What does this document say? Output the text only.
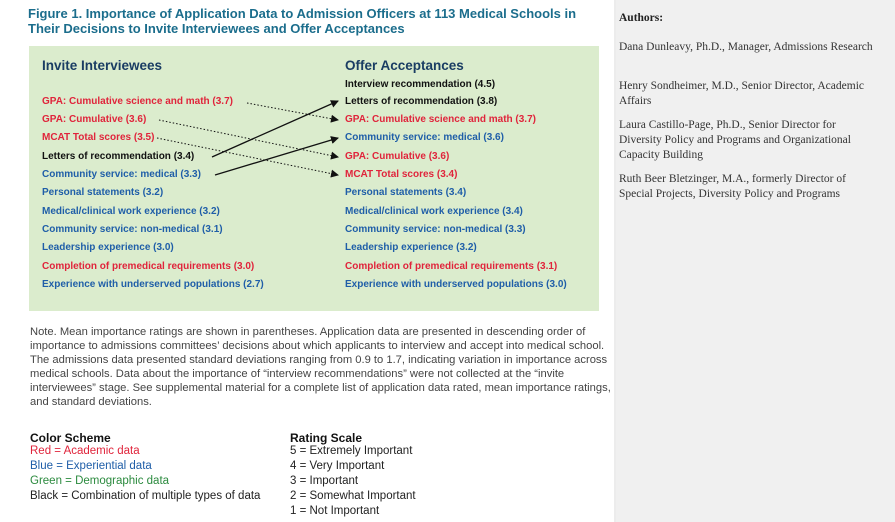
Figure 1. Importance of Application Data to Admission Officers at 113 Medical Schools in Their Decisions to Invite Interviewees and Offer Acceptances
Invite Interviewees	Offer Acceptances
GPA: Cumulative science and math (3.7)
GPA: Cumulative (3.6)
MCAT Total scores (3.5)
Letters of recommendation (3.4)
Community service: medical (3.3)
Personal statements (3.2)
Medical/clinical work experience (3.2)
Community service: non-medical (3.1)
Leadership experience (3.0)
Completion of premedical requirements (3.0)
Experience with underserved populations (2.7)
Interview recommendation (4.5)
Letters of recommendation (3.8)
GPA: Cumulative science and math (3.7)
Community service: medical (3.6)
GPA: Cumulative (3.6)
MCAT Total scores (3.4)
Personal statements (3.4)
Medical/clinical work experience (3.4)
Community service: non-medical (3.3)
Leadership experience (3.2)
Completion of premedical requirements (3.1)
Experience with underserved populations (3.0)
Note. Mean importance ratings are shown in parentheses. Application data are presented in descending order of importance to admissions committees’ decisions about which applicants to interview and accept into medical school. The admissions data presented standard deviations ranging from 0.9 to 1.7, indicating variation in importance across medical schools. Data about the importance of “interview recommendations” were not collected at the “invite interviewees” stage. See supplemental material for a complete list of application data rated, mean importance ratings, and standard deviations.
Color Scheme
Red = Academic data
Blue = Experiential data
Green = Demographic data
Black = Combination of multiple types of data
Rating Scale
5 = Extremely Important
4 = Very Important
3 = Important
2 = Somewhat Important
1 = Not Important
Authors:
Dana Dunleavy, Ph.D., Manager, Admissions Research
Henry Sondheimer, M.D., Senior Director, Academic Affairs
Laura Castillo-Page, Ph.D., Senior Director for Diversity Policy and Programs and Organizational Capacity Building
Ruth Beer Bletzinger, M.A., formerly Director of Special Projects, Diversity Policy and Programs
